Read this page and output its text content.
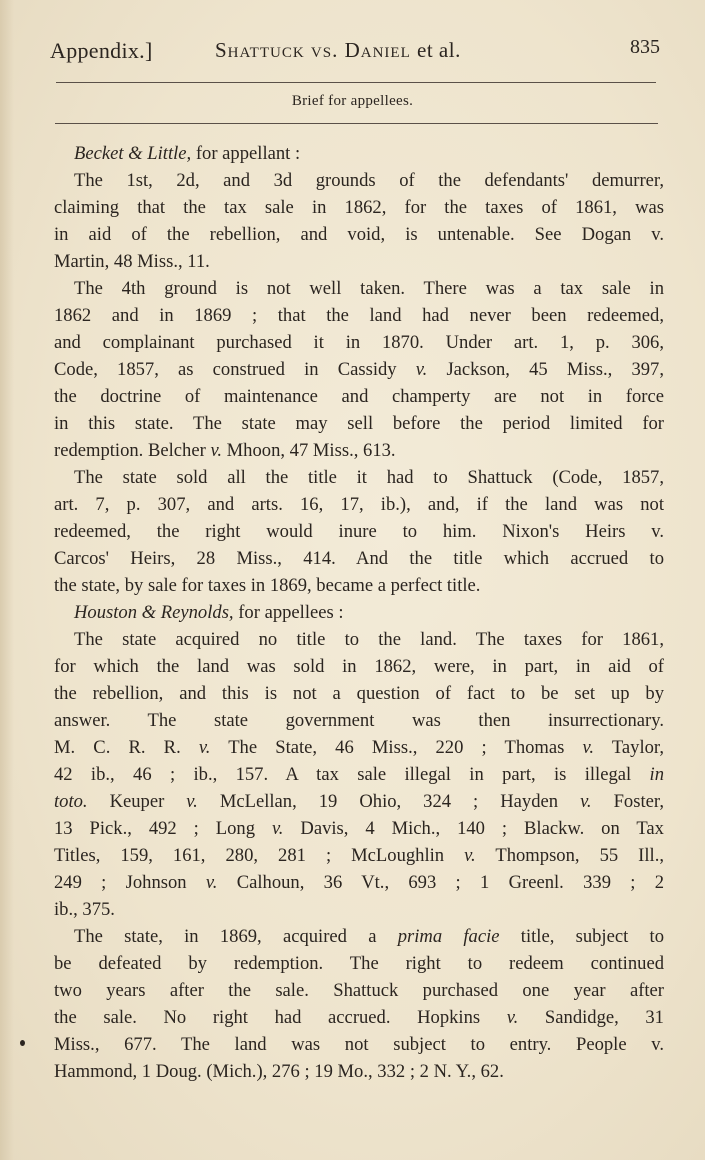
Appendix.]	Shattuck vs. Daniel et al.	835
Brief for appellees.

Becket & Little, for appellant :

The 1st, 2d, and 3d grounds of the defendants' demurrer,
claiming that the tax sale in 1862, for the taxes of 1861, was
in aid of the rebellion, and void, is untenable. See Dogan v.
Martin, 48 Miss., 11.

The 4th ground is not well taken. There was a tax sale in
1862 and in 1869 ; that the land had never been redeemed,
and complainant purchased it in 1870. Under art. 1, p. 306,
Code, 1857, as construed in Cassidy v. Jackson, 45 Miss., 397,
the doctrine of maintenance and champerty are not in force
in this state. The state may sell before the period limited for
redemption. Belcher v. Mhoon, 47 Miss., 613.

The state sold all the title it had to Shattuck (Code, 1857,
art. 7, p. 307, and arts. 16, 17, ib.), and, if the land was not
redeemed, the right would inure to him. Nixon's Heirs v.
Carcos' Heirs, 28 Miss., 414. And the title which accrued to
the state, by sale for taxes in 1869, became a perfect title.

Houston & Reynolds, for appellees :

The state acquired no title to the land. The taxes for 1861,
for which the land was sold in 1862, were, in part, in aid of
the rebellion, and this is not a question of fact to be set up by
answer. The state government was then insurrectionary.
M. C. R. R. v. The State, 46 Miss., 220 ; Thomas v. Taylor,
42 ib., 46 ; ib., 157. A tax sale illegal in part, is illegal in
toto. Keuper v. McLellan, 19 Ohio, 324 ; Hayden v. Foster,
13 Pick., 492 ; Long v. Davis, 4 Mich., 140 ; Blackw. on Tax
Titles, 159, 161, 280, 281 ; McLoughlin v. Thompson, 55 Ill.,
249 ; Johnson v. Calhoun, 36 Vt., 693 ; 1 Greenl. 339 ; 2
ib., 375.

The state, in 1869, acquired a prima facie title, subject to
be defeated by redemption. The right to redeem continued
two years after the sale. Shattuck purchased one year after
the sale. No right had accrued. Hopkins v. Sandidge, 31
Miss., 677. The land was not subject to entry. People v.
Hammond, 1 Doug. (Mich.), 276 ; 19 Mo., 332 ; 2 N. Y., 62.
